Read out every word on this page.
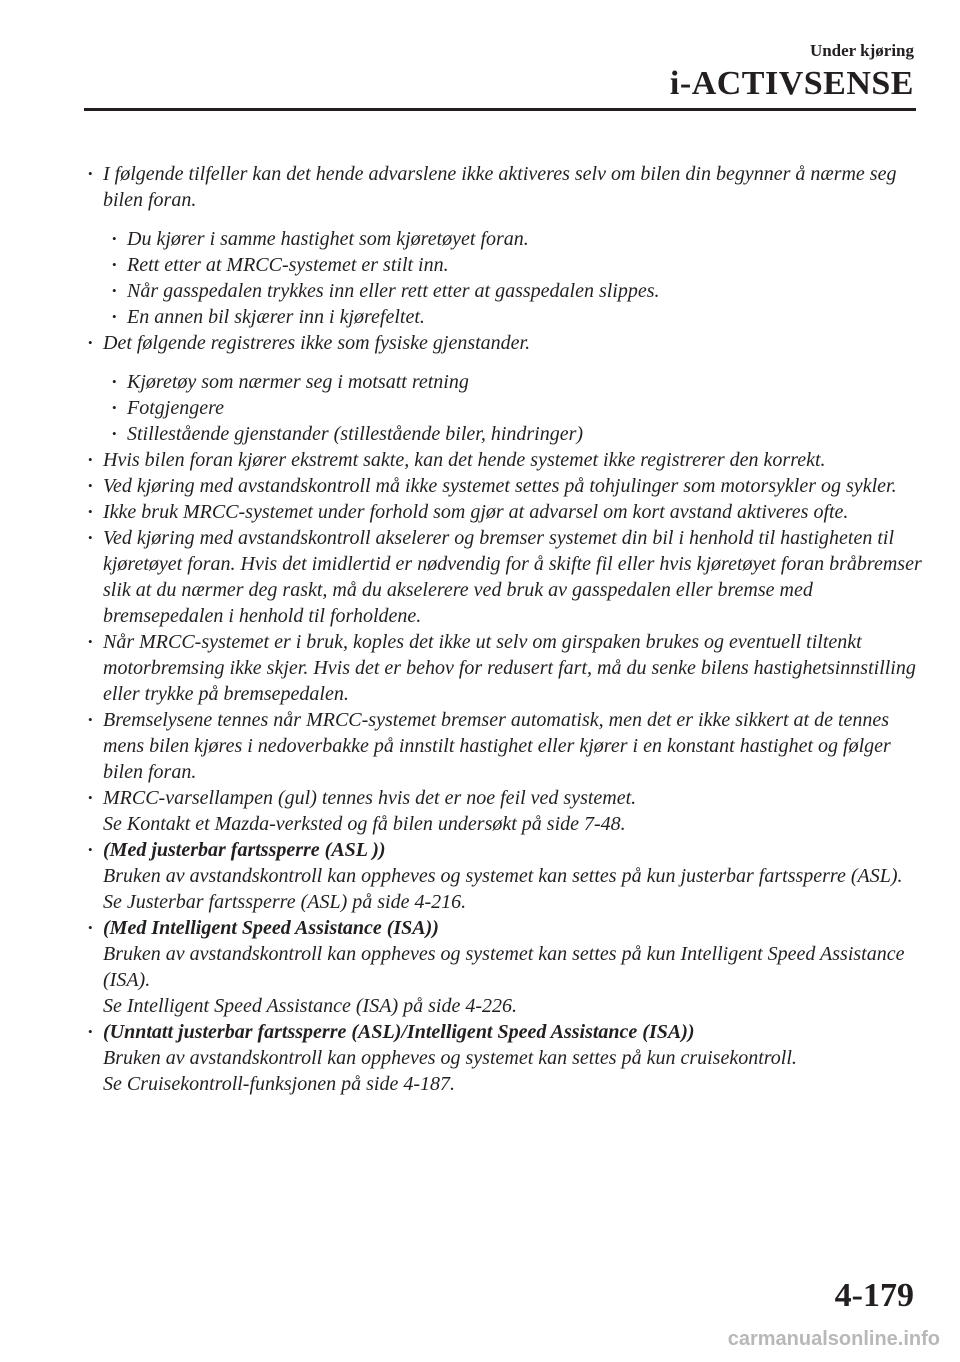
Under kjøring
i-ACTIVSENSE
• I følgende tilfeller kan det hende advarslene ikke aktiveres selv om bilen din begynner å nærme seg bilen foran.
• Du kjører i samme hastighet som kjøretøyet foran.
• Rett etter at MRCC-systemet er stilt inn.
• Når gasspedalen trykkes inn eller rett etter at gasspedalen slippes.
• En annen bil skjærer inn i kjørefeltet.
• Det følgende registreres ikke som fysiske gjenstander.
• Kjøretøy som nærmer seg i motsatt retning
• Fotgjengere
• Stillestående gjenstander (stillestående biler, hindringer)
• Hvis bilen foran kjører ekstremt sakte, kan det hende systemet ikke registrerer den korrekt.
• Ved kjøring med avstandskontroll må ikke systemet settes på tohjulinger som motorsykler og sykler.
• Ikke bruk MRCC-systemet under forhold som gjør at advarsel om kort avstand aktiveres ofte.
• Ved kjøring med avstandskontroll akselerer og bremser systemet din bil i henhold til hastigheten til kjøretøyet foran. Hvis det imidlertid er nødvendig for å skifte fil eller hvis kjøretøyet foran bråbremser slik at du nærmer deg raskt, må du akselerere ved bruk av gasspedalen eller bremse med bremsepedalen i henhold til forholdene.
• Når MRCC-systemet er i bruk, koples det ikke ut selv om girspaken brukes og eventuell tiltenkt motorbremsing ikke skjer. Hvis det er behov for redusert fart, må du senke bilens hastighetsinnstilling eller trykke på bremsepedalen.
• Bremselysene tennes når MRCC-systemet bremser automatisk, men det er ikke sikkert at de tennes mens bilen kjøres i nedoverbakke på innstilt hastighet eller kjører i en konstant hastighet og følger bilen foran.
• MRCC-varsellampen (gul) tennes hvis det er noe feil ved systemet.
Se Kontakt et Mazda-verksted og få bilen undersøkt på side 7-48.
• (Med justerbar fartssperre (ASL ))
Bruken av avstandskontroll kan oppheves og systemet kan settes på kun justerbar fartssperre (ASL).
Se Justerbar fartssperre (ASL) på side 4-216.
• (Med Intelligent Speed Assistance (ISA))
Bruken av avstandskontroll kan oppheves og systemet kan settes på kun Intelligent Speed Assistance (ISA).
Se Intelligent Speed Assistance (ISA) på side 4-226.
• (Unntatt justerbar fartssperre (ASL)/Intelligent Speed Assistance (ISA))
Bruken av avstandskontroll kan oppheves og systemet kan settes på kun cruisekontroll.
Se Cruisekontroll-funksjonen på side 4-187.
4-179
carmanualsonline.info
